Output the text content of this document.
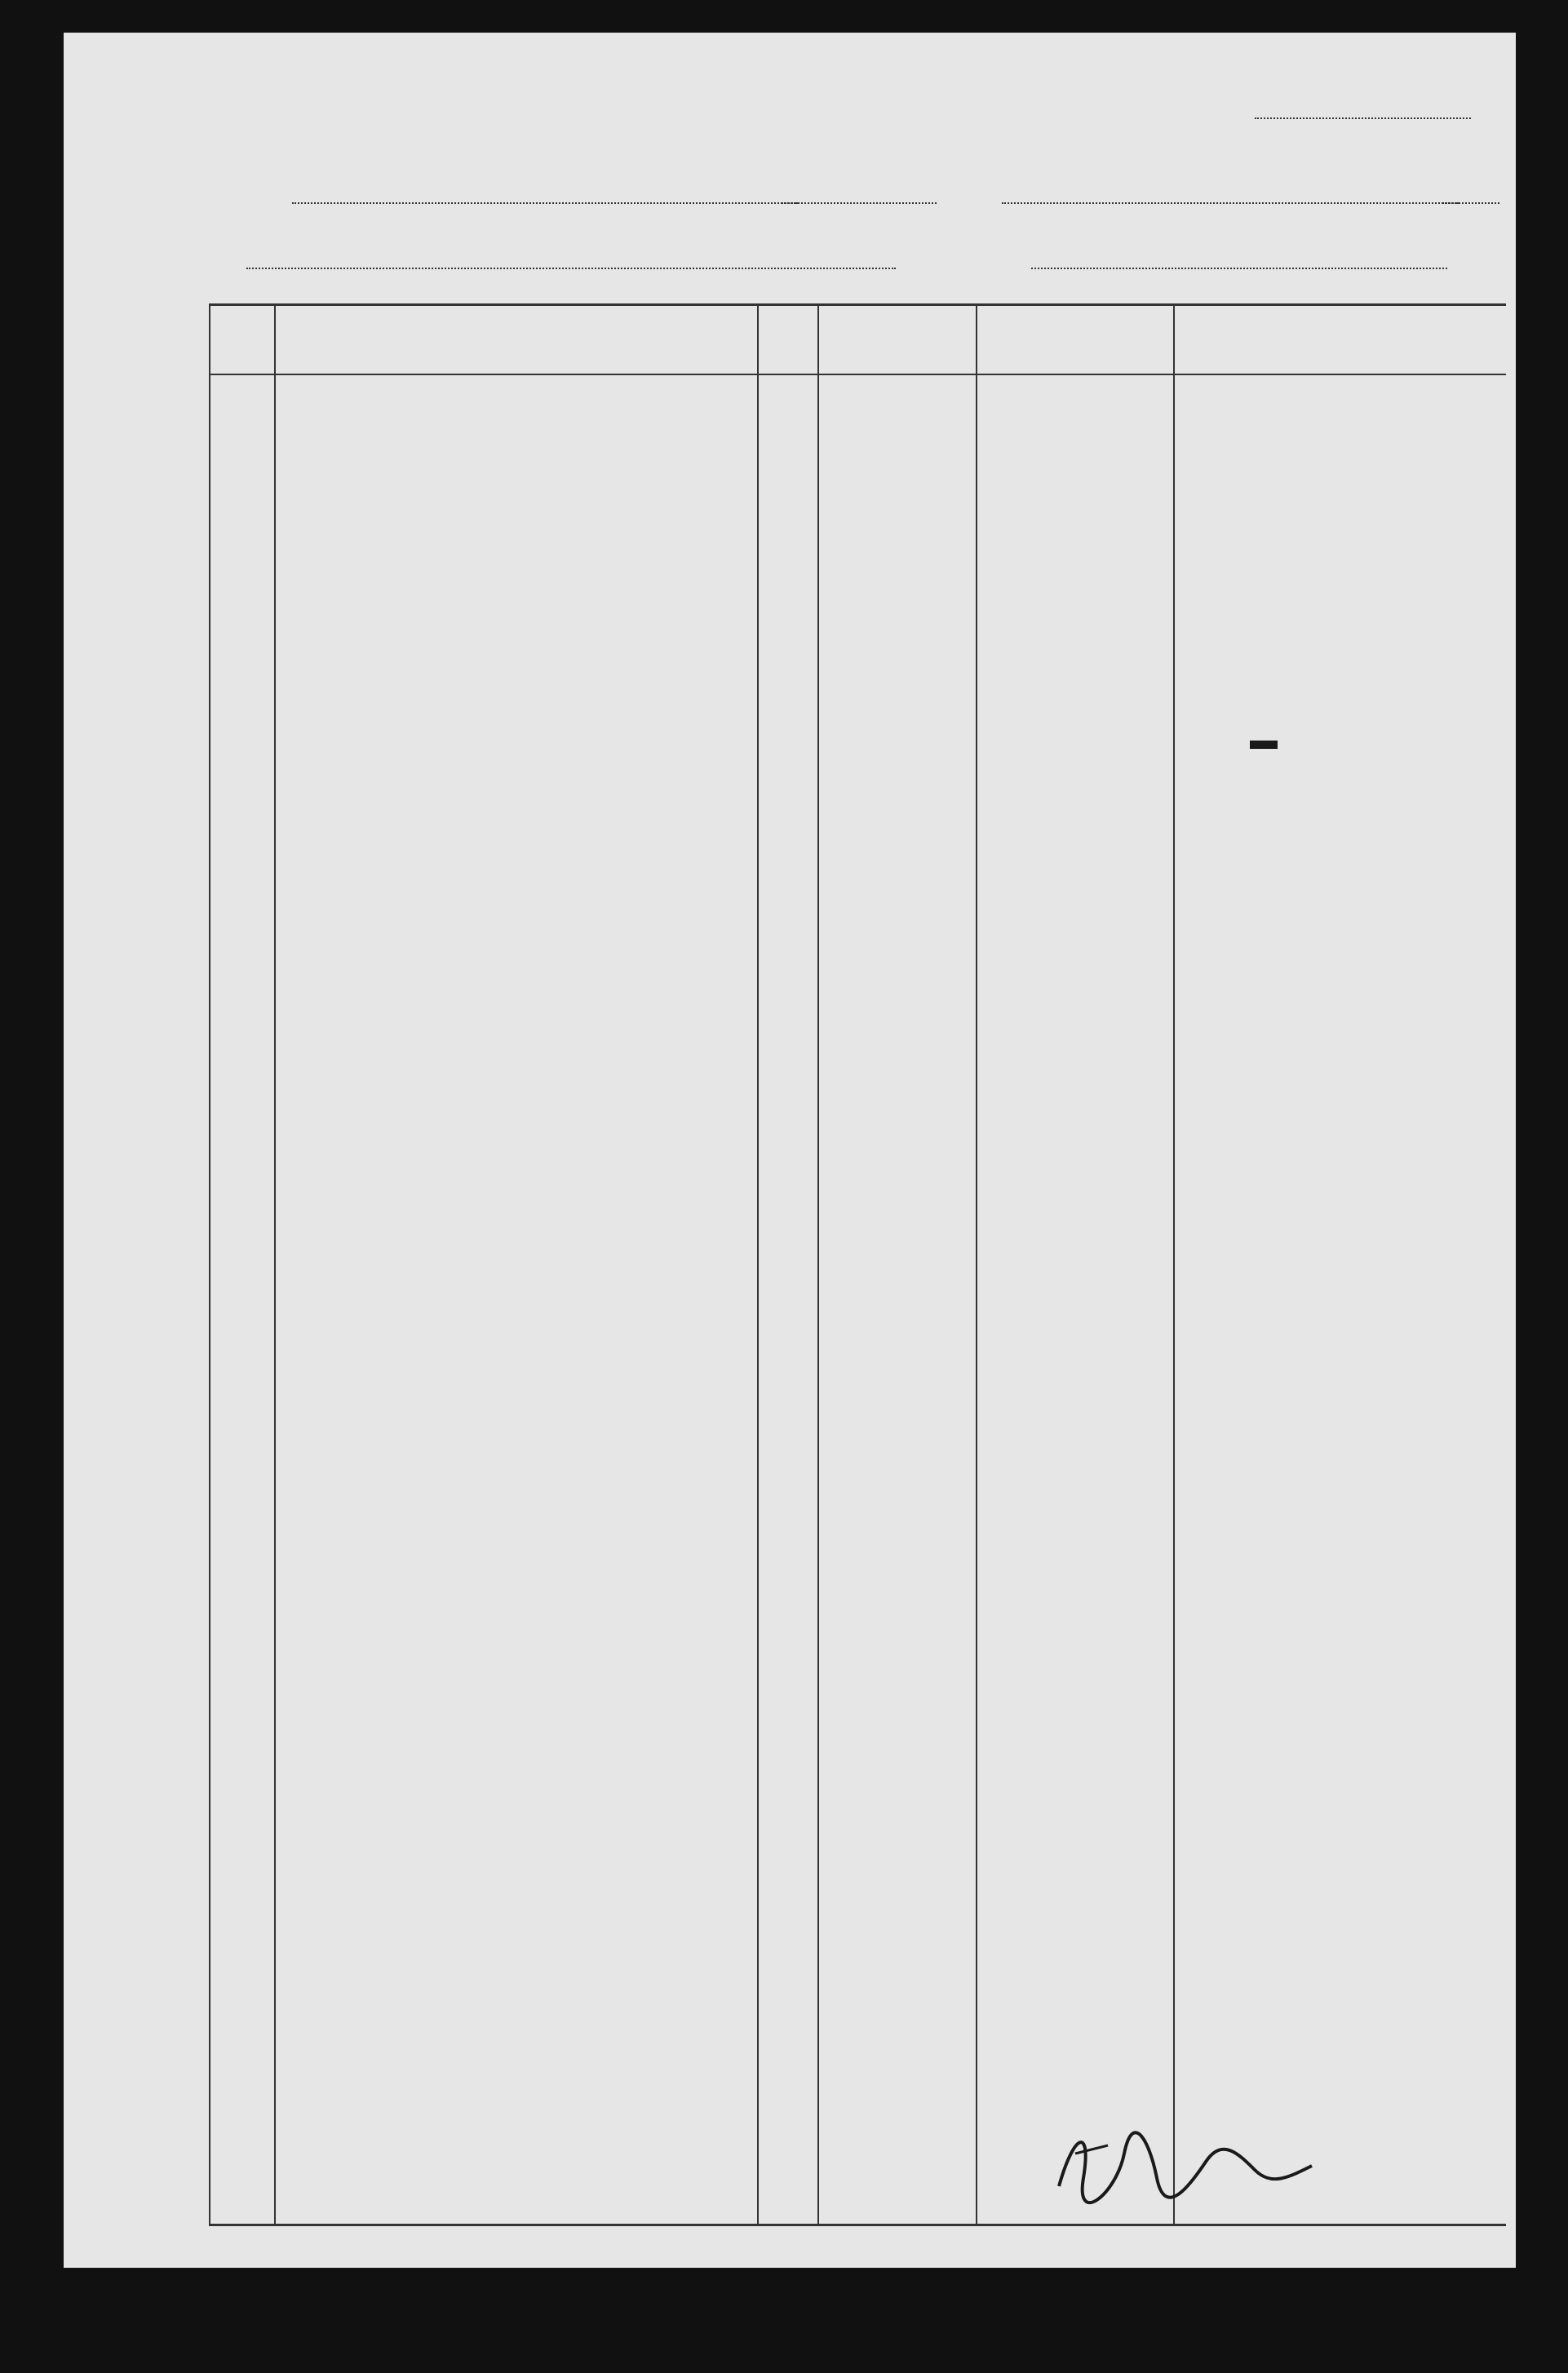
▬
